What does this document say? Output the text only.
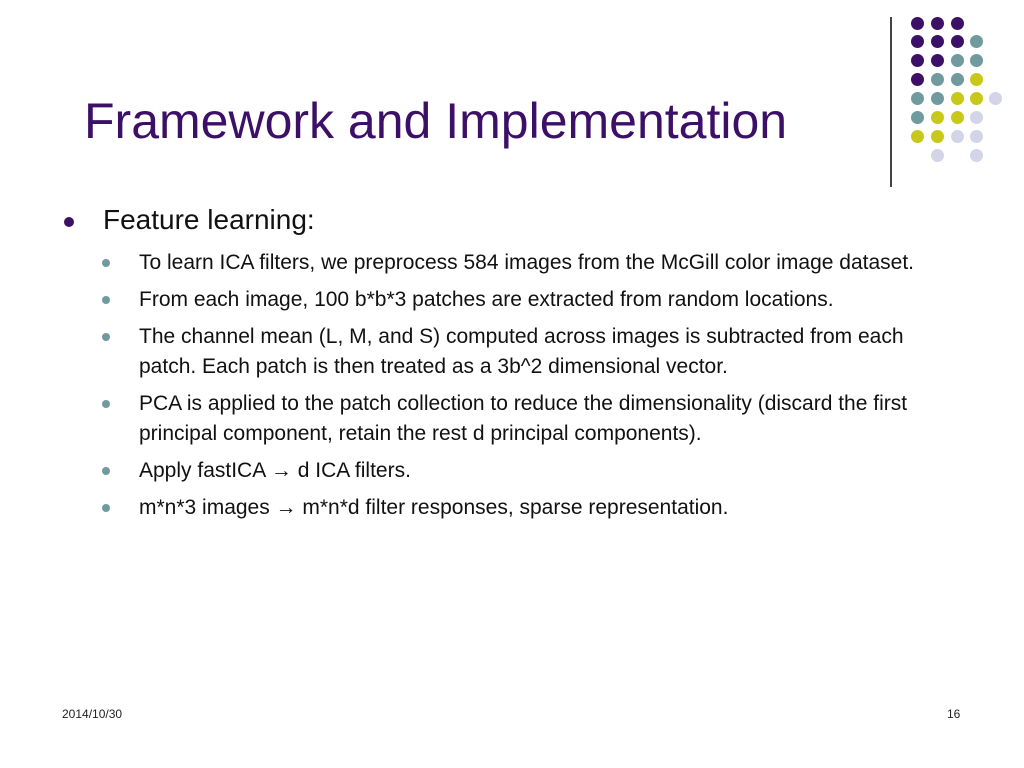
Framework and Implementation
Feature learning:
To learn ICA filters, we preprocess 584 images from the McGill color image dataset.
From each image, 100 b*b*3 patches are extracted from random locations.
The channel mean (L, M, and S) computed across images is subtracted from each patch. Each patch is then treated as a 3b^2 dimensional vector.
PCA is applied to the patch collection to reduce the dimensionality (discard the first principal component, retain the rest d principal components).
Apply fastICA → d ICA filters.
m*n*3 images → m*n*d filter responses, sparse representation.
2014/10/30	16
